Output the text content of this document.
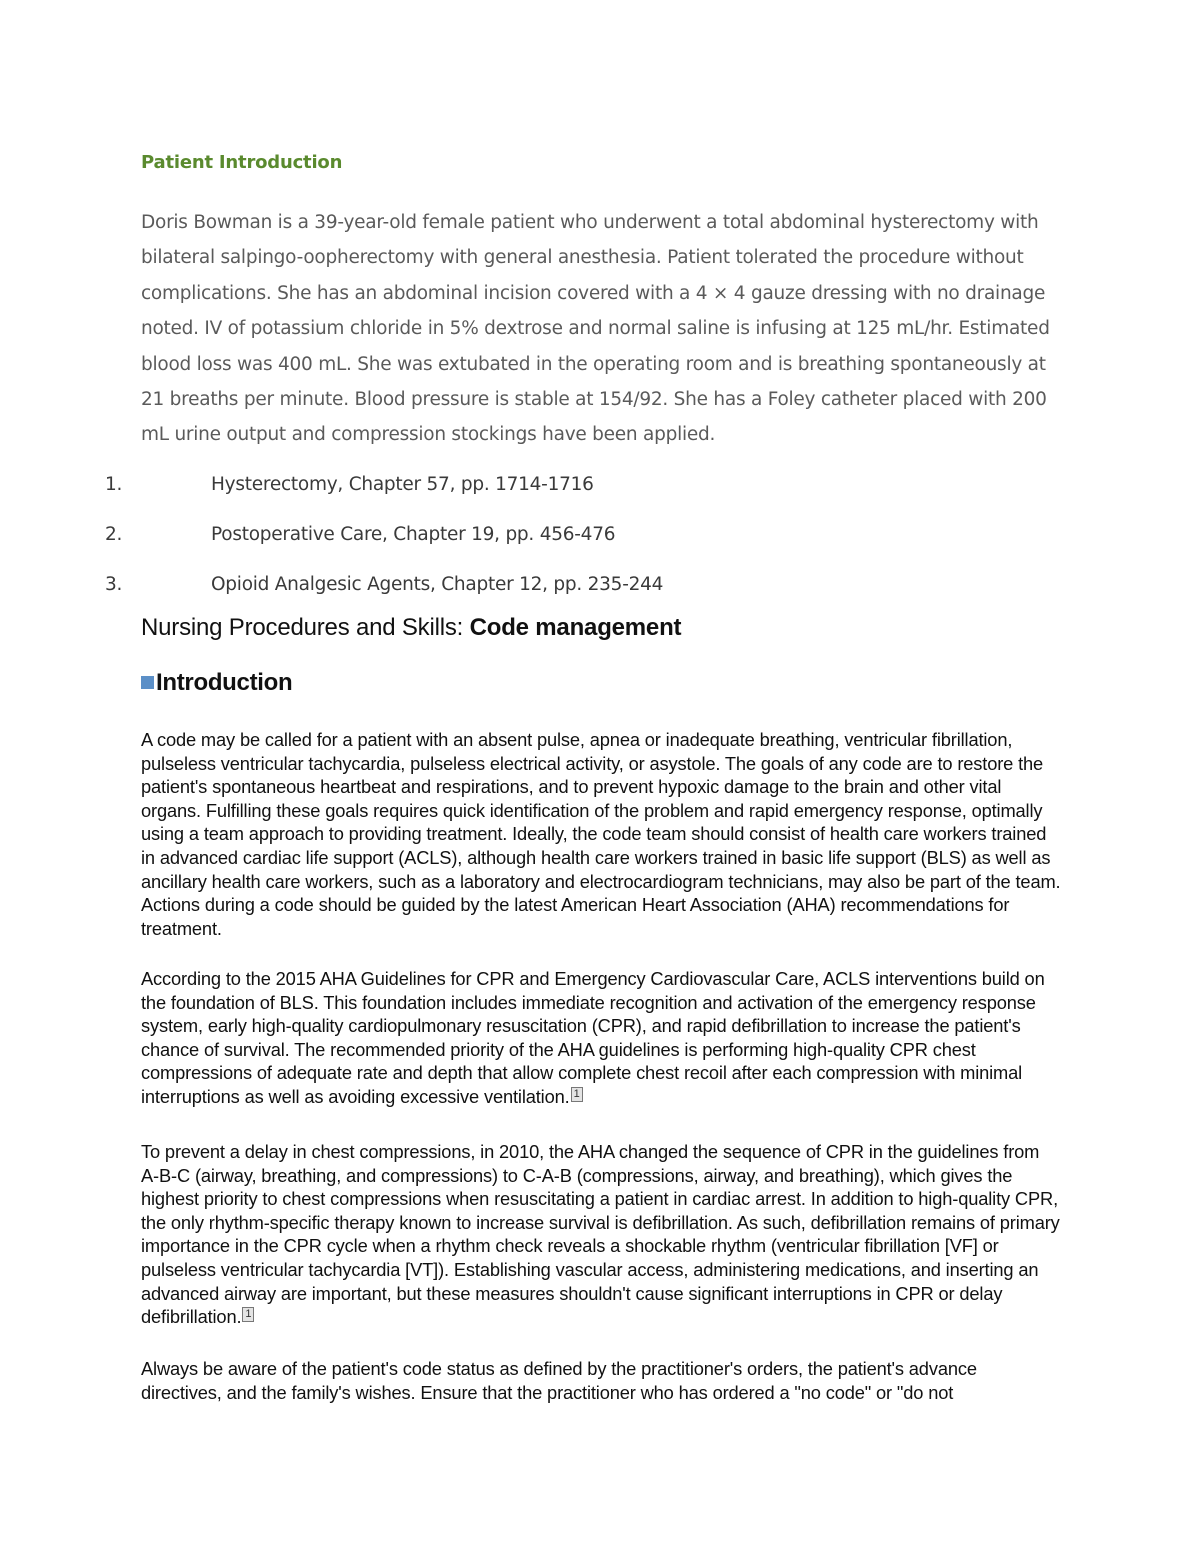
Patient Introduction

Doris Bowman is a 39-year-old female patient who underwent a total abdominal hysterectomy with bilateral salpingo-oopherectomy with general anesthesia. Patient tolerated the procedure without complications. She has an abdominal incision covered with a 4 × 4 gauze dressing with no drainage noted. IV of potassium chloride in 5% dextrose and normal saline is infusing at 125 mL/hr. Estimated blood loss was 400 mL. She was extubated in the operating room and is breathing spontaneously at 21 breaths per minute. Blood pressure is stable at 154/92. She has a Foley catheter placed with 200 mL urine output and compression stockings have been applied.

1.	Hysterectomy, Chapter 57, pp. 1714-1716
2.	Postoperative Care, Chapter 19, pp. 456-476
3.	Opioid Analgesic Agents, Chapter 12, pp. 235-244
Nursing Procedures and Skills: Code management
Introduction

A code may be called for a patient with an absent pulse, apnea or inadequate breathing, ventricular fibrillation, pulseless ventricular tachycardia, pulseless electrical activity, or asystole. The goals of any code are to restore the patient's spontaneous heartbeat and respirations, and to prevent hypoxic damage to the brain and other vital organs. Fulfilling these goals requires quick identification of the problem and rapid emergency response, optimally using a team approach to providing treatment. Ideally, the code team should consist of health care workers trained in advanced cardiac life support (ACLS), although health care workers trained in basic life support (BLS) as well as ancillary health care workers, such as a laboratory and electrocardiogram technicians, may also be part of the team. Actions during a code should be guided by the latest American Heart Association (AHA) recommendations for treatment.

According to the 2015 AHA Guidelines for CPR and Emergency Cardiovascular Care, ACLS interventions build on the foundation of BLS. This foundation includes immediate recognition and activation of the emergency response system, early high-quality cardiopulmonary resuscitation (CPR), and rapid defibrillation to increase the patient's chance of survival. The recommended priority of the AHA guidelines is performing high-quality CPR chest compressions of adequate rate and depth that allow complete chest recoil after each compression with minimal interruptions as well as avoiding excessive ventilation. 1

To prevent a delay in chest compressions, in 2010, the AHA changed the sequence of CPR in the guidelines from A-B-C (airway, breathing, and compressions) to C-A-B (compressions, airway, and breathing), which gives the highest priority to chest compressions when resuscitating a patient in cardiac arrest. In addition to high-quality CPR, the only rhythm-specific therapy known to increase survival is defibrillation. As such, defibrillation remains of primary importance in the CPR cycle when a rhythm check reveals a shockable rhythm (ventricular fibrillation [VF] or pulseless ventricular tachycardia [VT]). Establishing vascular access, administering medications, and inserting an advanced airway are important, but these measures shouldn't cause significant interruptions in CPR or delay defibrillation. 1

Always be aware of the patient's code status as defined by the practitioner's orders, the patient's advance directives, and the family's wishes. Ensure that the practitioner who has ordered a "no code" or "do not
